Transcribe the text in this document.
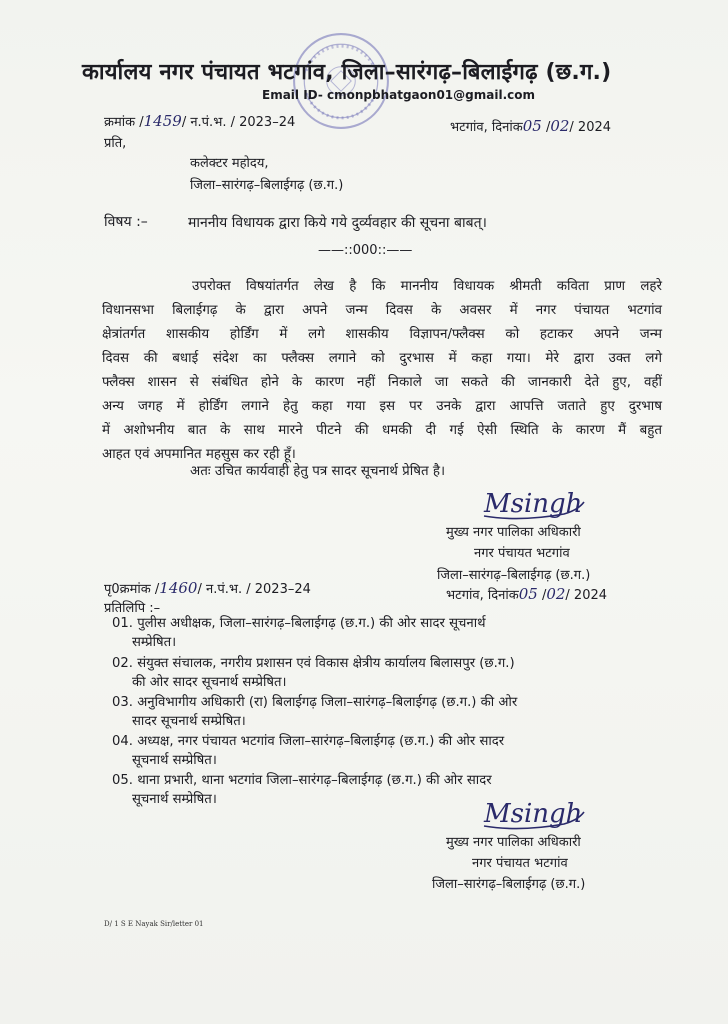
कार्यालय नगर पंचायत भटगांव, जिला–सारंगढ़–बिलाईगढ़ (छ.ग.)
Email ID- cmonpbhatgaon01@gmail.com
क्रमांक /1459/ न.पं.भ. / 2023–24	भटगांव, दिनांक05 /02/ 2024
प्रति,
कलेक्टर महोदय,
जिला–सारंगढ़–बिलाईगढ़ (छ.ग.)
विषय :–	माननीय विधायक द्वारा किये गये दुर्व्यवहार की सूचना बाबत्।
——::000::——
उपरोक्त विषयांतर्गत लेख है कि माननीय विधायक श्रीमती कविता प्राण लहरे
विधानसभा बिलाईगढ़ के द्वारा अपने जन्म दिवस के अवसर में नगर पंचायत भटगांव
क्षेत्रांतर्गत शासकीय होर्डिंग में लगे शासकीय विज्ञापन/फ्लैक्स को हटाकर अपने जन्म
दिवस की बधाई संदेश का फ्लैक्स लगाने को दुरभास में कहा गया। मेरे द्वारा उक्त लगे
फ्लैक्स शासन से संबंधित होने के कारण नहीं निकाले जा सकते की जानकारी देते हुए, वहीं
अन्य जगह में होर्डिंग लगाने हेतु कहा गया इस पर उनके द्वारा आपत्ति जताते हुए दुरभाष
में अशोभनीय बात के साथ मारने पीटने की धमकी दी गई ऐसी स्थिति के कारण मैं बहुत
आहत एवं अपमानित महसुस कर रही हूँ।
अतः उचित कार्यवाही हेतु पत्र सादर सूचनार्थ प्रेषित है।
Msingh
मुख्य नगर पालिका अधिकारी
नगर पंचायत भटगांव
जिला–सारंगढ़–बिलाईगढ़ (छ.ग.)
पृ0क्रमांक /1460/ न.पं.भ. / 2023–24	भटगांव, दिनांक05 /02/ 2024
प्रतिलिपि :–
01. पुलीस अधीक्षक, जिला–सारंगढ़–बिलाईगढ़ (छ.ग.) की ओर सादर सूचनार्थ
सम्प्रेषित।
02. संयुक्त संचालक, नगरीय प्रशासन एवं विकास क्षेत्रीय कार्यालय बिलासपुर (छ.ग.)
की ओर सादर सूचनार्थ सम्प्रेषित।
03. अनुविभागीय अधिकारी (रा) बिलाईगढ़ जिला–सारंगढ़–बिलाईगढ़ (छ.ग.) की ओर
सादर सूचनार्थ सम्प्रेषित।
04. अध्यक्ष, नगर पंचायत भटगांव जिला–सारंगढ़–बिलाईगढ़ (छ.ग.) की ओर सादर
सूचनार्थ सम्प्रेषित।
05. थाना प्रभारी, थाना भटगांव जिला–सारंगढ़–बिलाईगढ़ (छ.ग.) की ओर सादर
सूचनार्थ सम्प्रेषित।	Msingh
मुख्य नगर पालिका अधिकारी
नगर पंचायत भटगांव
जिला–सारंगढ़–बिलाईगढ़ (छ.ग.)
D/ 1 S E Nayak Sir/letter 01
